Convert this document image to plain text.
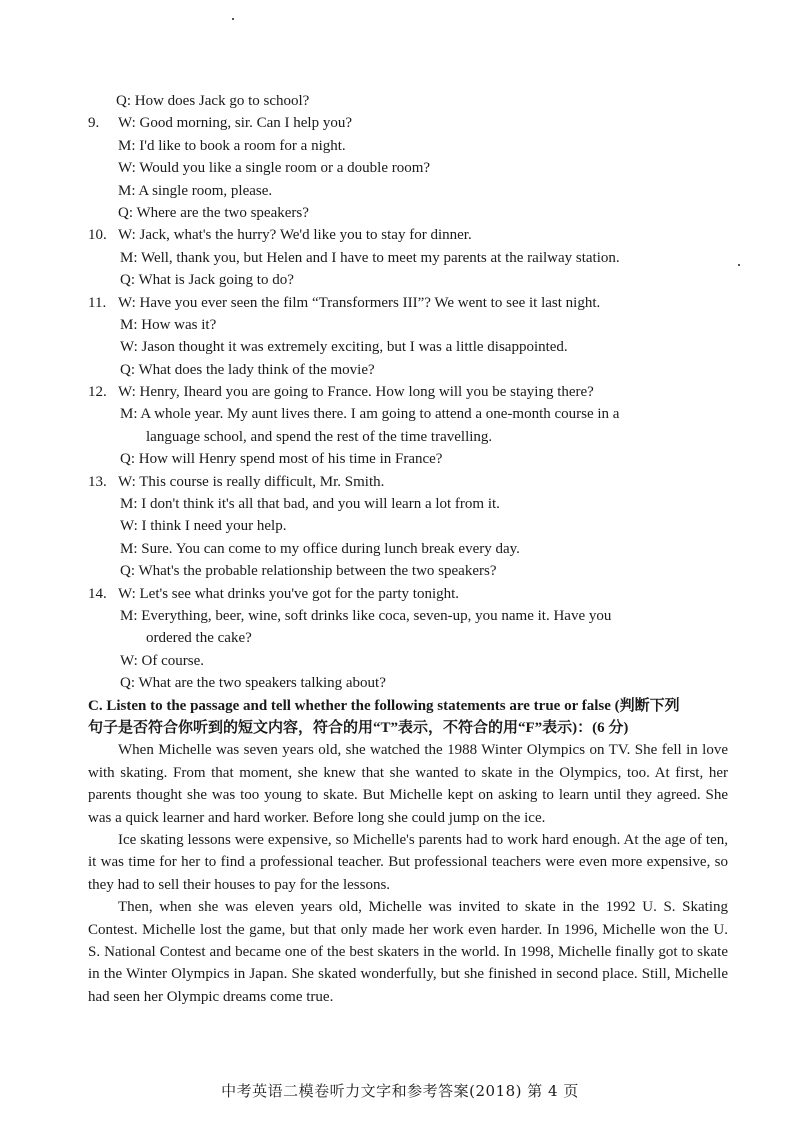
Q: How does Jack go to school?
9. W: Good morning, sir. Can I help you?
M: I'd like to book a room for a night.
W: Would you like a single room or a double room?
M: A single room, please.
Q: Where are the two speakers?
10. W: Jack, what's the hurry? We'd like you to stay for dinner.
M: Well, thank you, but Helen and I have to meet my parents at the railway station.
Q: What is Jack going to do?
11. W: Have you ever seen the film “Transformers III”? We went to see it last night.
M: How was it?
W: Jason thought it was extremely exciting, but I was a little disappointed.
Q: What does the lady think of the movie?
12. W: Henry, Iheard you are going to France. How long will you be staying there?
M: A whole year. My aunt lives there. I am going to attend a one-month course in a
language school, and spend the rest of the time travelling.
Q: How will Henry spend most of his time in France?
13. W: This course is really difficult, Mr. Smith.
M: I don't think it's all that bad, and you will learn a lot from it.
W: I think I need your help.
M: Sure. You can come to my office during lunch break every day.
Q: What's the probable relationship between the two speakers?
14. W: Let's see what drinks you've got for the party tonight.
M: Everything, beer, wine, soft drinks like coca, seven-up, you name it. Have you
ordered the cake?
W: Of course.
Q: What are the two speakers talking about?
C. Listen to the passage and tell whether the following statements are true or false (判断下列
句子是否符合你听到的短文内容，符合的用“T”表示，不符合的用“F”表示)：(6 分)

When Michelle was seven years old, she watched the 1988 Winter Olympics on TV. She fell in love with skating. From that moment, she knew that she wanted to skate in the Olympics, too. At first, her parents thought she was too young to skate. But Michelle kept on asking to learn until they agreed. She was a quick learner and hard worker. Before long she could jump on the ice.

Ice skating lessons were expensive, so Michelle's parents had to work hard enough. At the age of ten, it was time for her to find a professional teacher. But professional teachers were even more expensive, so they had to sell their houses to pay for the lessons.

Then, when she was eleven years old, Michelle was invited to skate in the 1992 U. S. Skating Contest. Michelle lost the game, but that only made her work even harder. In 1996, Michelle won the U. S. National Contest and became one of the best skaters in the world. In 1998, Michelle finally got to skate in the Winter Olympics in Japan. She skated wonderfully, but she finished in second place. Still, Michelle had seen her Olympic dreams come true.

中考英语二模卷听力文字和参考答案(2018) 第 4 页
